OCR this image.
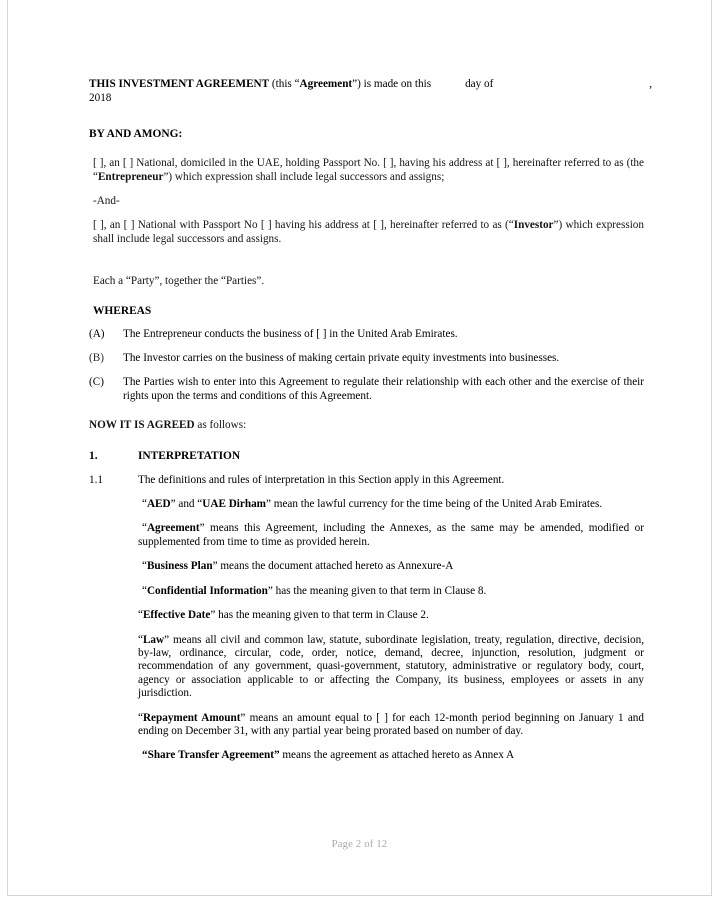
THIS INVESTMENT AGREEMENT (this “Agreement”) is made on this	day of	,
2018
BY AND AMONG:
[ ], an [ ] National, domiciled in the UAE, holding Passport No. [ ], having his address at [ ], hereinafter referred to as (the “Entrepreneur”) which expression shall include legal successors and assigns;
-And-
[ ], an [ ] National with Passport No [ ] having his address at [ ], hereinafter referred to as (“Investor”) which expression shall include legal successors and assigns.
Each a “Party”, together the “Parties”.
WHEREAS
(A)	The Entrepreneur conducts the business of [ ] in the United Arab Emirates.
(B)	The Investor carries on the business of making certain private equity investments into businesses.
(C)	The Parties wish to enter into this Agreement to regulate their relationship with each other and the exercise of their rights upon the terms and conditions of this Agreement.
NOW IT IS AGREED as follows:
1.	INTERPRETATION
1.1	The definitions and rules of interpretation in this Section apply in this Agreement.
“AED” and “UAE Dirham” mean the lawful currency for the time being of the United Arab Emirates.
“Agreement” means this Agreement, including the Annexes, as the same may be amended, modified or supplemented from time to time as provided herein.
“Business Plan” means the document attached hereto as Annexure-A
“Confidential Information” has the meaning given to that term in Clause 8.
“Effective Date” has the meaning given to that term in Clause 2.
“Law” means all civil and common law, statute, subordinate legislation, treaty, regulation, directive, decision, by-law, ordinance, circular, code, order, notice, demand, decree, injunction, resolution, judgment or recommendation of any government, quasi-government, statutory, administrative or regulatory body, court, agency or association applicable to or affecting the Company, its business, employees or assets in any jurisdiction.
“Repayment Amount” means an amount equal to [ ] for each 12-month period beginning on January 1 and ending on December 31, with any partial year being prorated based on number of day.
“Share Transfer Agreement” means the agreement as attached hereto as Annex A
Page 2 of 12
